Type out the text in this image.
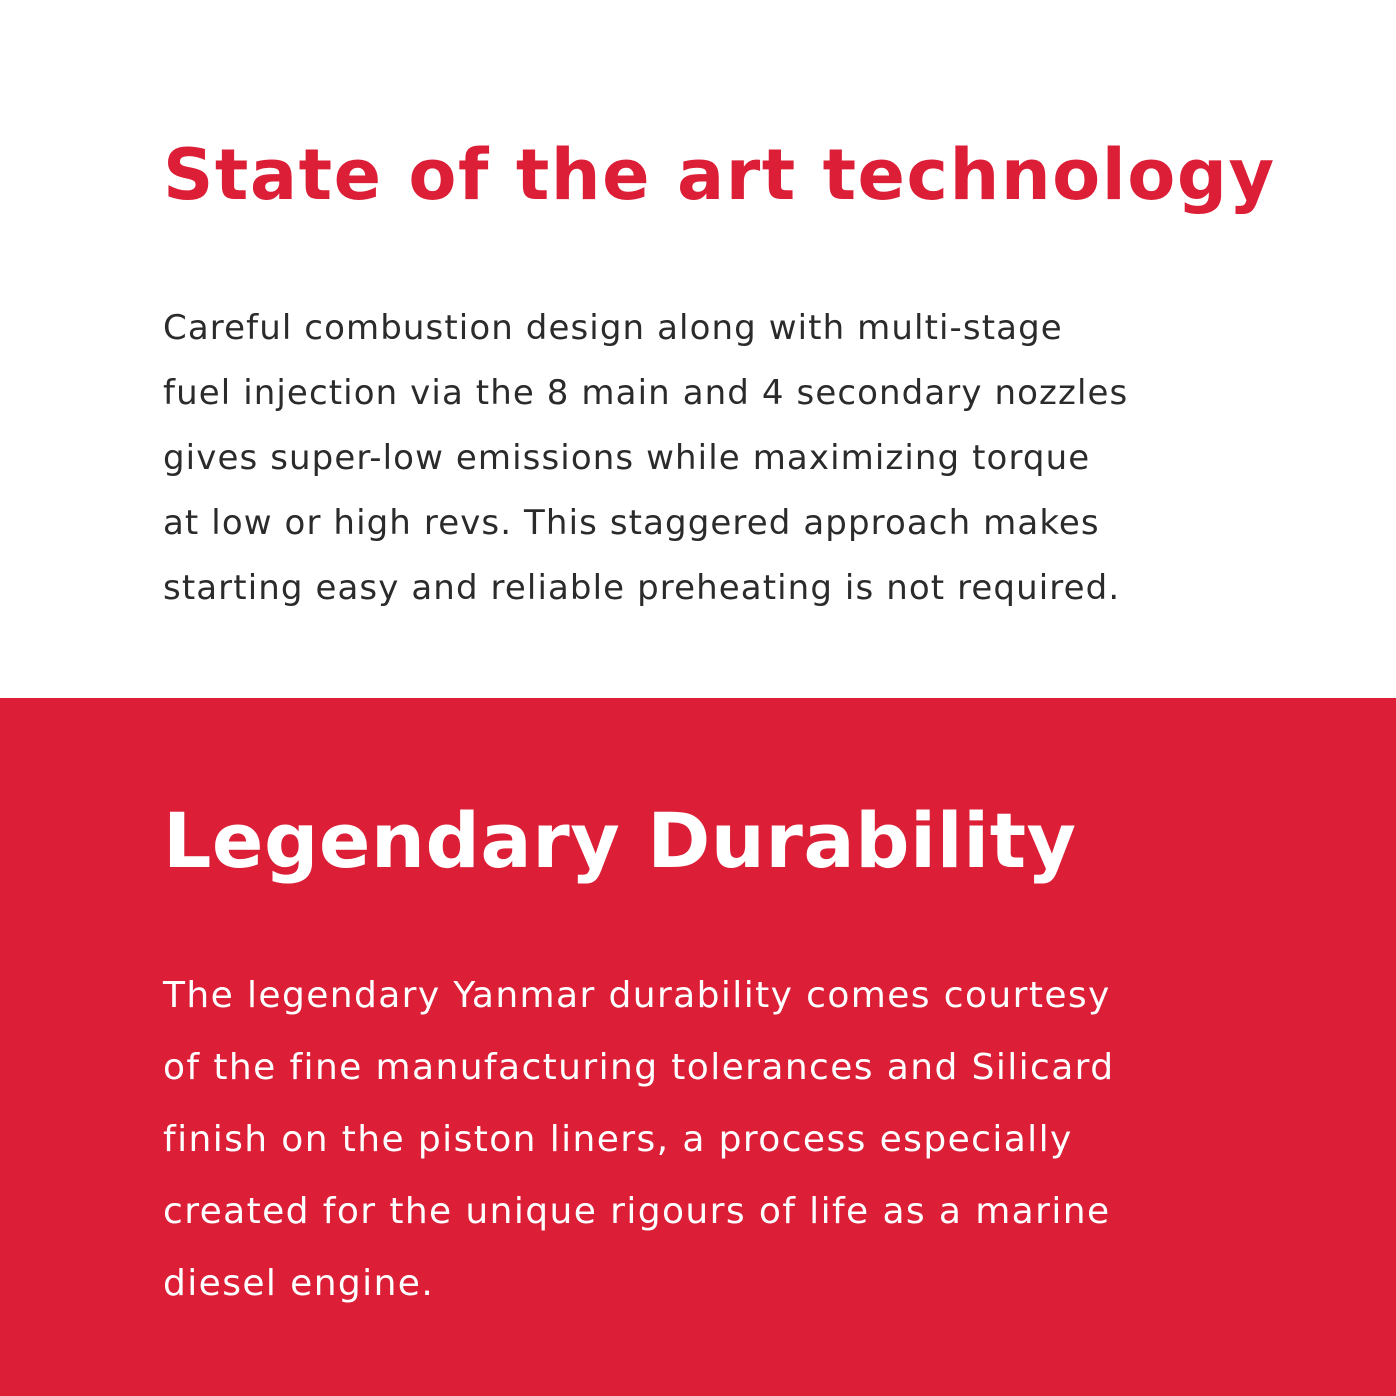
State of the art technology

Careful combustion design along with multi-stage
fuel injection via the 8 main and 4 secondary nozzles
gives super-low emissions while maximizing torque
at low or high revs. This staggered approach makes
starting easy and reliable preheating is not required.

Legendary Durability

The legendary Yanmar durability comes courtesy
of the fine manufacturing tolerances and Silicard
finish on the piston liners, a process especially
created for the unique rigours of life as a marine
diesel engine.
